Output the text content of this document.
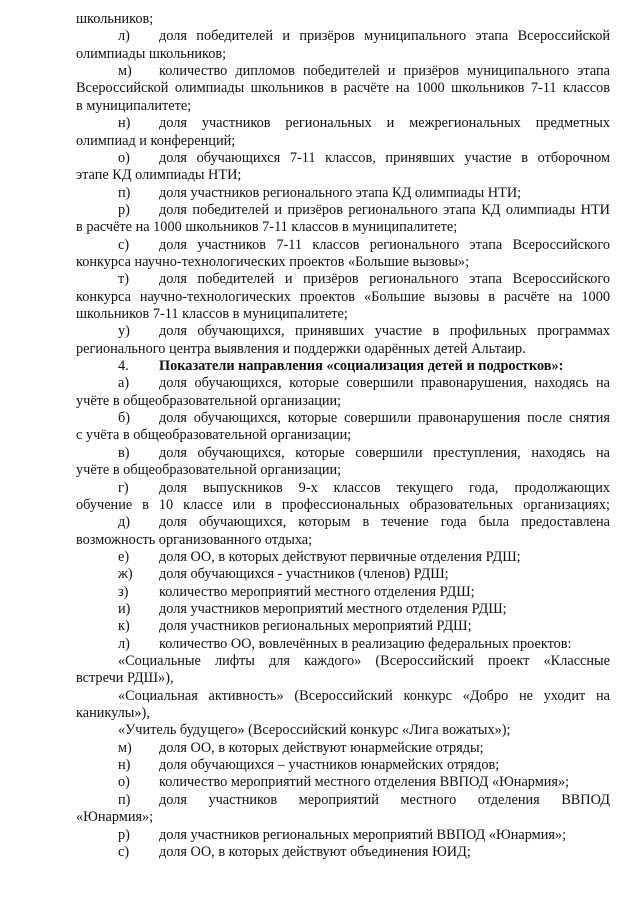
школьников;
л) доля победителей и призёров муниципального этапа Всероссийской
олимпиады школьников;
м) количество дипломов победителей и призёров муниципального этапа
Всероссийской олимпиады школьников в расчёте на 1000 школьников 7-11 классов
в муниципалитете;
н) доля участников региональных и межрегиональных предметных
олимпиад и конференций;
о) доля обучающихся 7-11 классов, принявших участие в отборочном
этапе КД олимпиады НТИ;
п) доля участников регионального этапа КД олимпиады НТИ;
р) доля победителей и призёров регионального этапа КД олимпиады НТИ
в расчёте на 1000 школьников 7-11 классов в муниципалитете;
с) доля участников 7-11 классов регионального этапа Всероссийского
конкурса научно-технологических проектов «Большие вызовы»;
т) доля победителей и призёров регионального этапа Всероссийского
конкурса научно-технологических проектов «Большие вызовы в расчёте на 1000
школьников 7-11 классов в муниципалитете;
у) доля обучающихся, принявших участие в профильных программах
регионального центра выявления и поддержки одарённых детей Альтаир.
4. Показатели направления «социализация детей и подростков»:
а) доля обучающихся, которые совершили правонарушения, находясь на
учёте в общеобразовательной организации;
б) доля обучающихся, которые совершили правонарушения после снятия
с учёта в общеобразовательной организации;
в) доля обучающихся, которые совершили преступления, находясь на
учёте в общеобразовательной организации;
г) доля выпускников 9-х классов текущего года, продолжающих
обучение в 10 классе или в профессиональных образовательных организациях;
д) доля обучающихся, которым в течение года была предоставлена
возможность организованного отдыха;
е) доля ОО, в которых действуют первичные отделения РДШ;
ж) доля обучающихся - участников (членов) РДШ;
з) количество мероприятий местного отделения РДШ;
и) доля участников мероприятий местного отделения РДШ;
к) доля участников региональных мероприятий РДШ;
л) количество ОО, вовлечённых в реализацию федеральных проектов:
«Социальные лифты для каждого» (Всероссийский проект «Классные
встречи РДШ»),
«Социальная активность» (Всероссийский конкурс «Добро не уходит на
каникулы»),
«Учитель будущего» (Всероссийский конкурс «Лига вожатых»);
м) доля ОО, в которых действуют юнармейские отряды;
н) доля обучающихся – участников юнармейских отрядов;
о) количество мероприятий местного отделения ВВПОД «Юнармия»;
п) доля участников мероприятий местного отделения ВВПОД
«Юнармия»;
р) доля участников региональных мероприятий ВВПОД «Юнармия»;
с) доля ОО, в которых действуют объединения ЮИД;
